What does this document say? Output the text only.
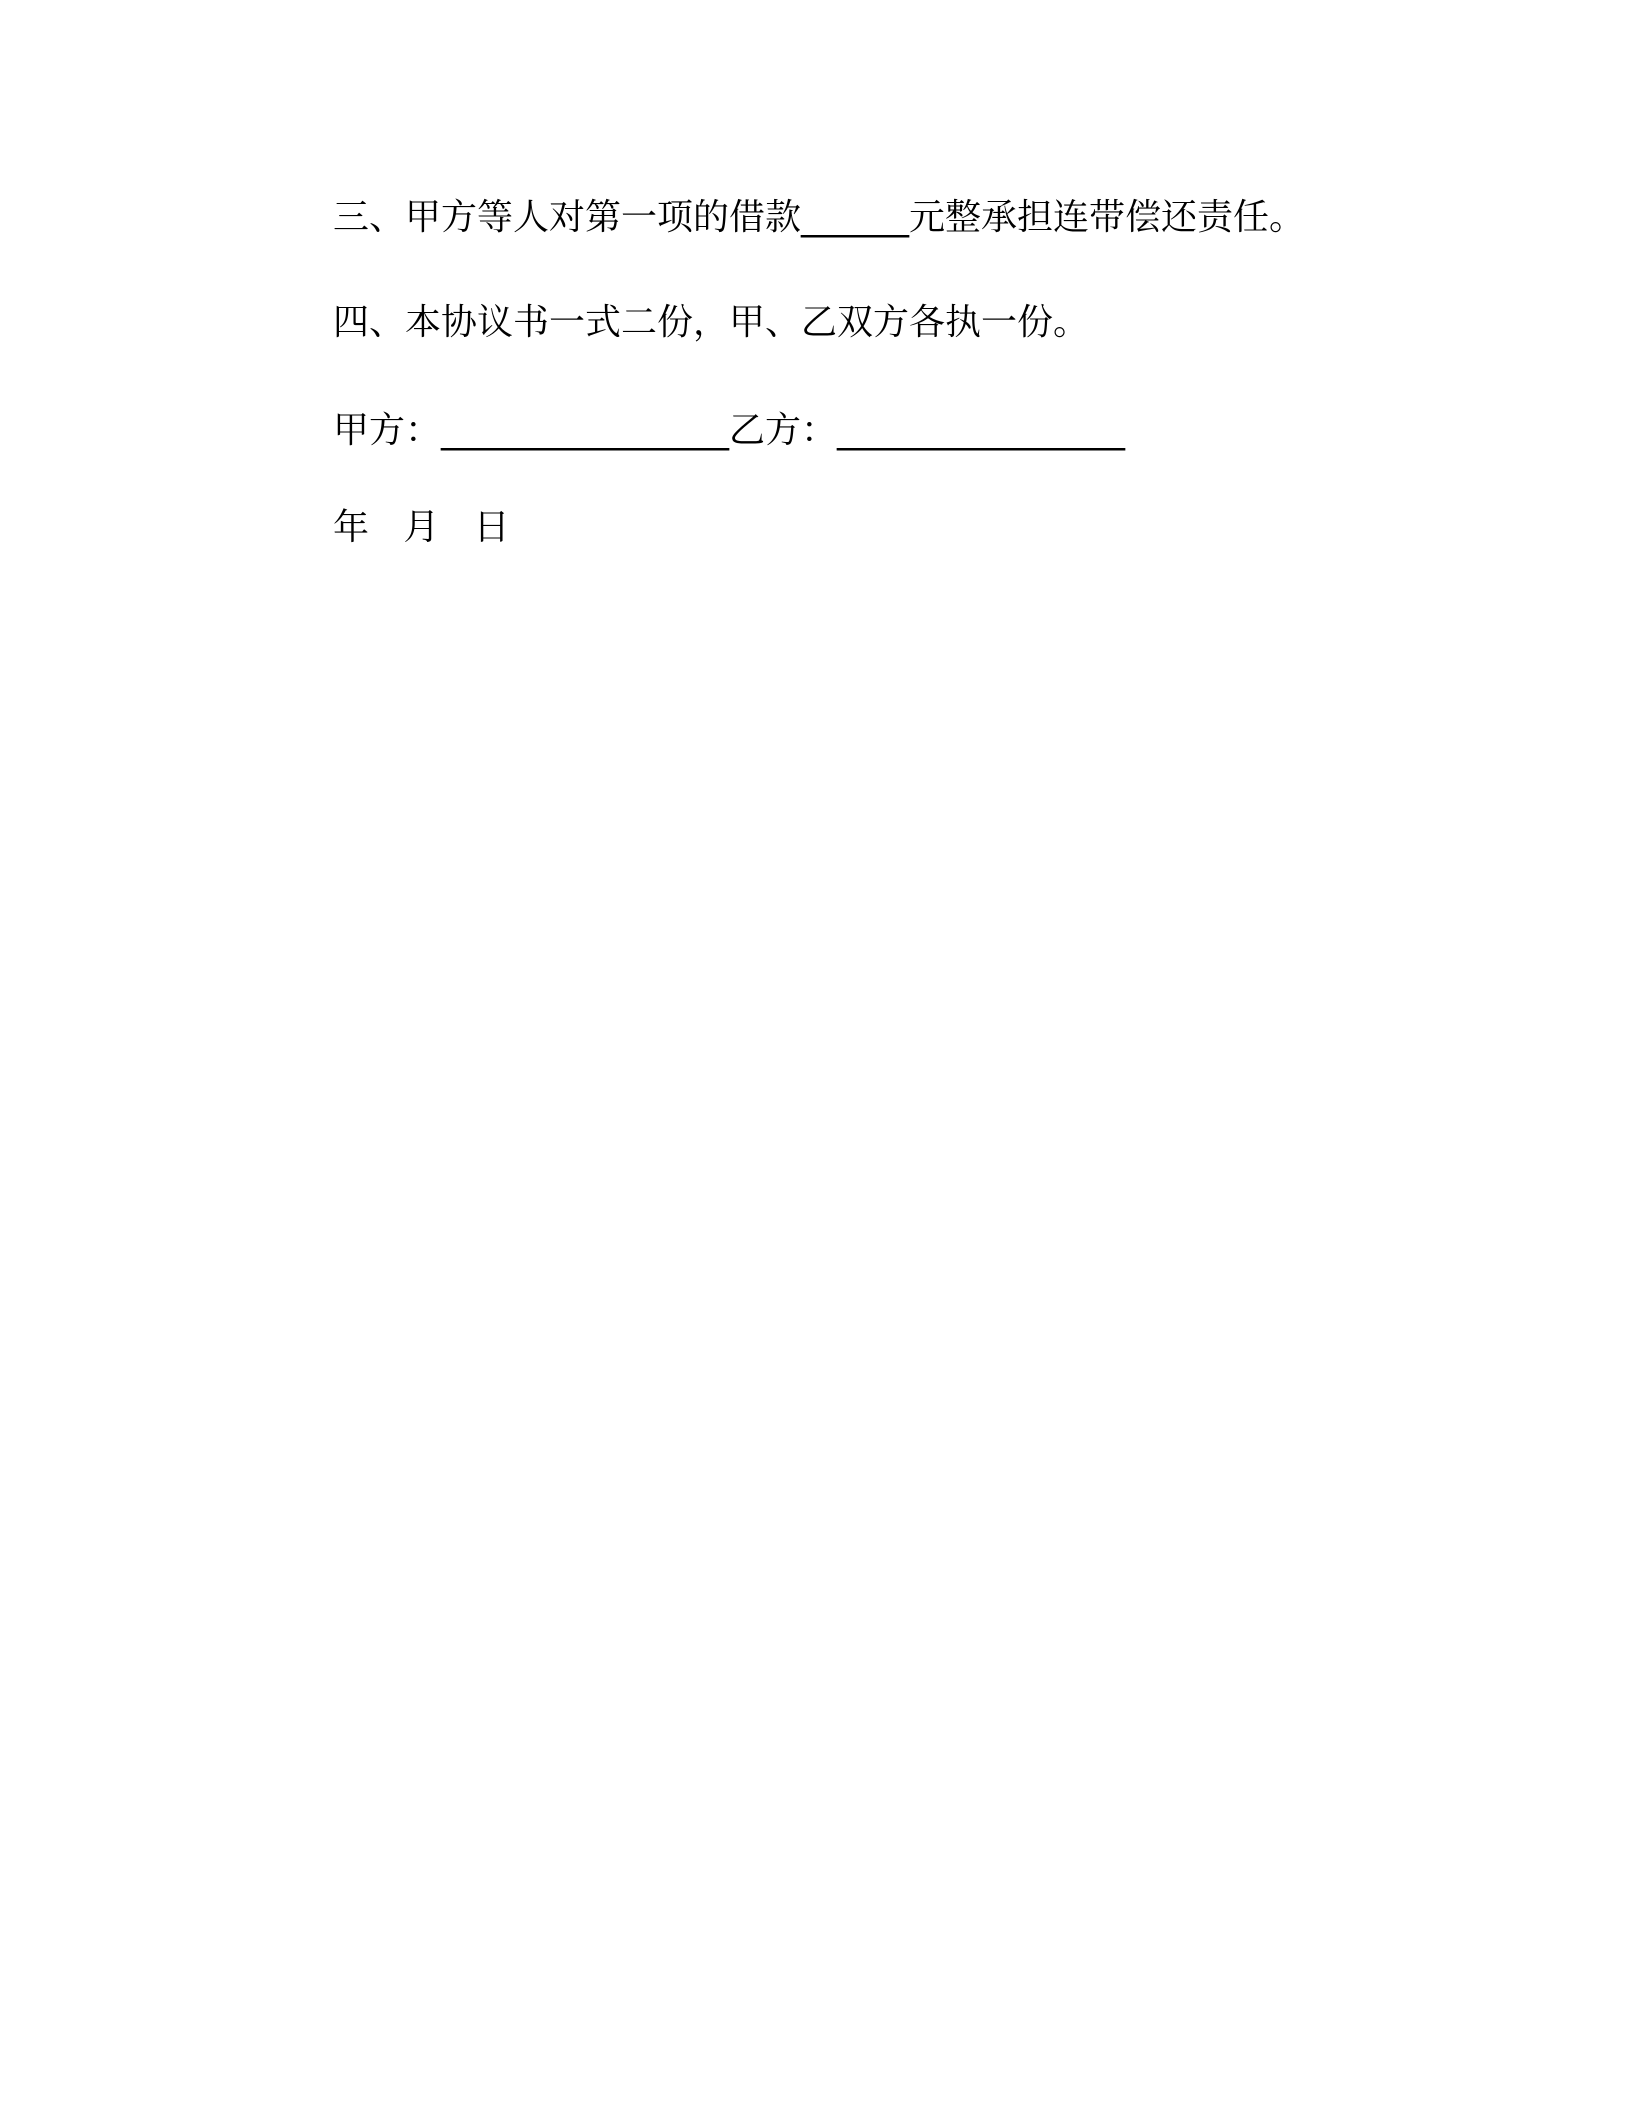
三、甲方等人对第一项的借款______元整承担连带偿还责任。
四、本协议书一式二份，甲、乙双方各执一份。
甲方：________________乙方：________________
年   月   日
